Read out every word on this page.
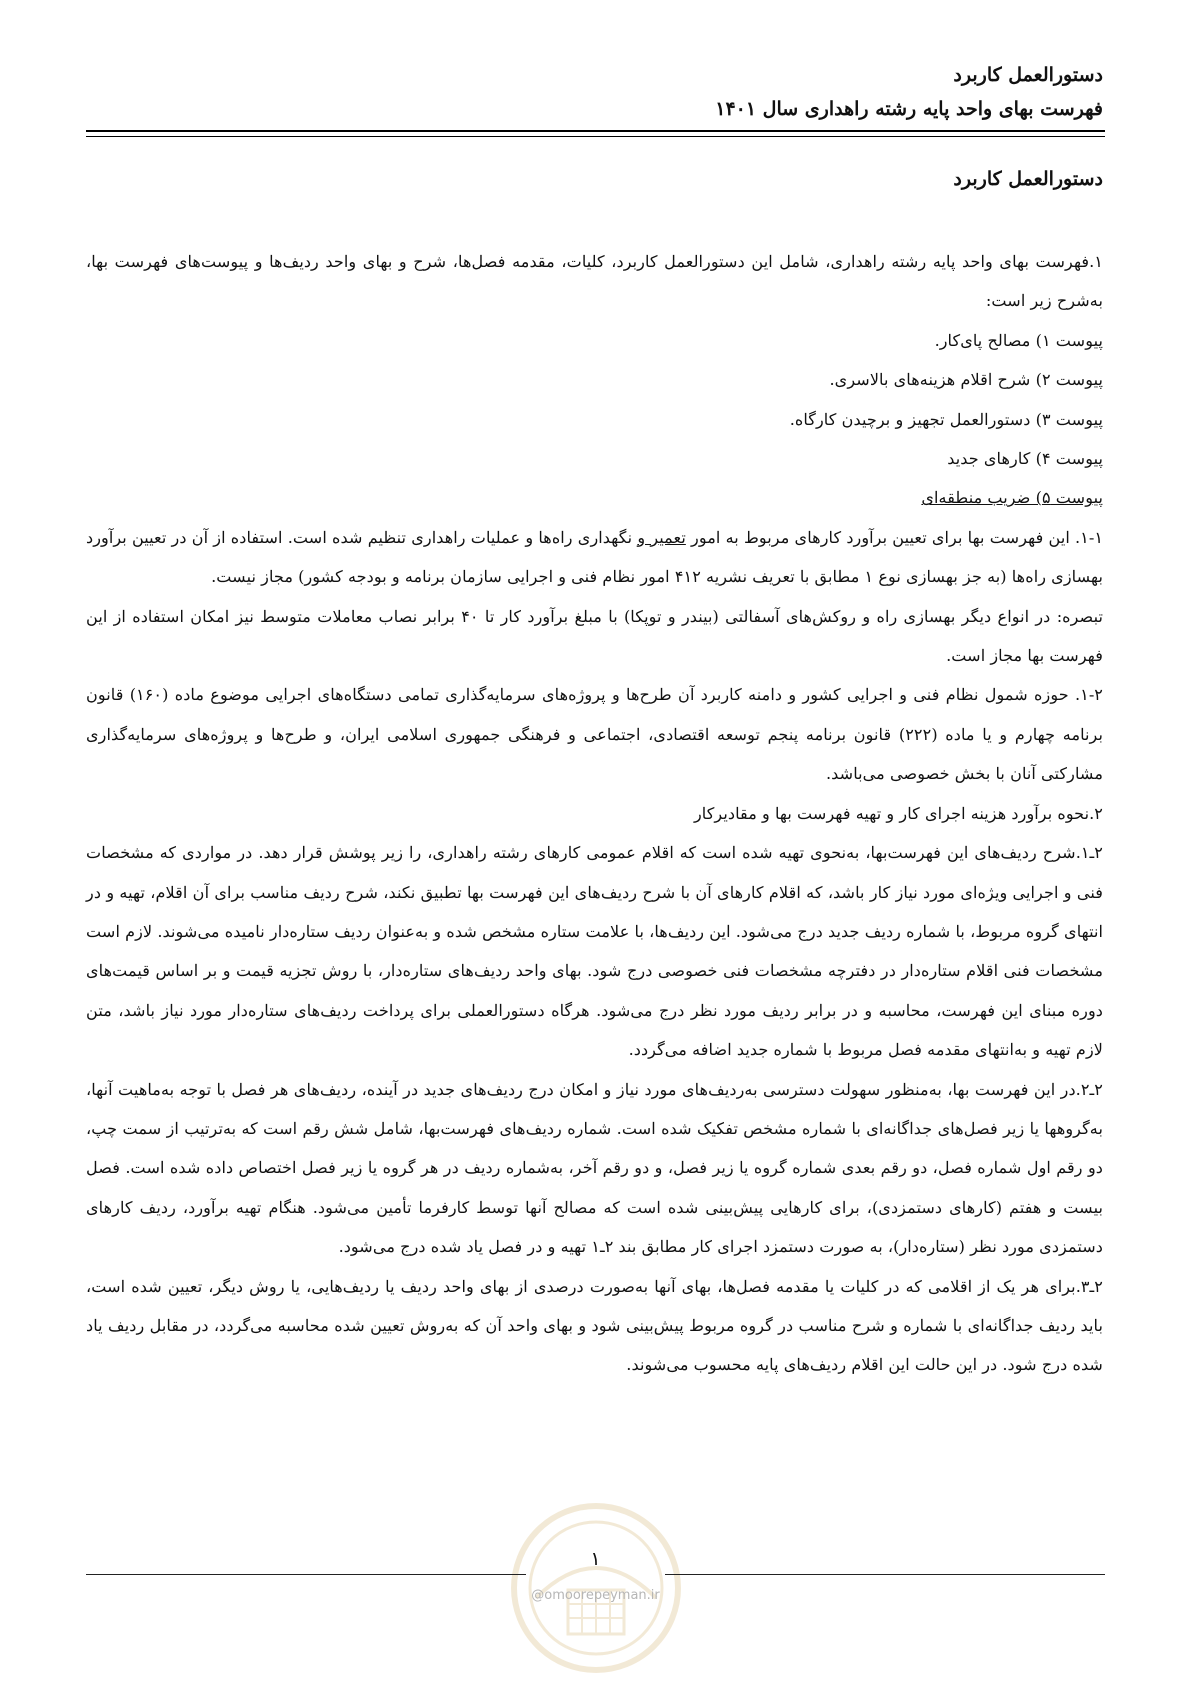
دستورالعمل کاربرد
فهرست بهای واحد پایه رشته راهداری سال ۱۴۰۱
دستورالعمل کاربرد

۱.فهرست بهای واحد پایه رشته راهداری، شامل این دستورالعمل کاربرد، کلیات، مقدمه فصل‌ها، شرح و بهای واحد ردیف‌ها و پیوست‌های فهرست بها، به‌شرح زیر است:

پیوست ۱) مصالح پای‌کار.

پیوست ۲) شرح اقلام هزینه‌های بالاسری.

پیوست ۳) دستورالعمل تجهیز و برچیدن کارگاه.

پیوست ۴) کارهای جدید

پیوست ۵) ضریب منطقه‌ای

۱-۱. این فهرست بها برای تعیین برآورد کارهای مربوط به امور تعمیر و نگهداری راه‌ها و عملیات راهداری تنظیم شده است. استفاده از آن در تعیین برآورد بهسازی راه‌ها (به جز بهسازی نوع ۱ مطابق با تعریف نشریه ۴۱۲ امور نظام فنی و اجرایی سازمان برنامه و بودجه کشور) مجاز نیست.

تبصره: در انواع دیگر بهسازی راه و روکش‌های آسفالتی (بیندر و توپکا) با مبلغ برآورد کار تا ۴۰ برابر نصاب معاملات متوسط نیز امکان استفاده از این فهرست بها مجاز است.

۱-۲. حوزه شمول نظام فنی و اجرایی کشور و دامنه کاربرد آن طرح‌ها و پروژه‌های سرمایه‌گذاری تمامی دستگاه‌های اجرایی موضوع ماده (۱۶۰) قانون برنامه چهارم و یا ماده (۲۲۲) قانون برنامه پنجم توسعه اقتصادی، اجتماعی و فرهنگی جمهوری اسلامی ایران، و طرح‌ها و پروژه‌های سرمایه‌گذاری مشارکتی آنان با بخش خصوصی می‌باشد.

۲.نحوه برآورد هزینه اجرای کار و تهیه فهرست بها و مقادیرکار

۲ـ۱.شرح ردیف‌های این فهرست‌بها، به‌نحوی تهیه شده است که اقلام عمومی کارهای رشته راهداری، را زیر پوشش قرار دهد. در مواردی که مشخصات فنی و اجرایی ویژه‌ای مورد نیاز کار باشد، که اقلام کارهای آن با شرح ردیف‌های این فهرست بها تطبیق نکند، شرح ردیف مناسب برای آن اقلام، تهیه و در انتهای گروه مربوط، با شماره ردیف جدید درج می‌شود. این ردیف‌ها، با علامت ستاره مشخص شده و به‌عنوان ردیف ستاره‌دار نامیده می‌شوند. لازم است مشخصات فنی اقلام ستاره‌دار در دفترچه مشخصات فنی خصوصی درج شود. بهای واحد ردیف‌های ستاره‌دار، با روش تجزیه قیمت و بر اساس قیمت‌های دوره مبنای این فهرست، محاسبه و در برابر ردیف مورد نظر درج می‌شود. هرگاه دستورالعملی برای پرداخت ردیف‌های ستاره‌دار مورد نیاز باشد، متن لازم تهیه و به‌انتهای مقدمه فصل مربوط با شماره جدید اضافه می‌گردد.

۲ـ۲.در این فهرست بها، به‌منظور سهولت دسترسی به‌ردیف‌های مورد نیاز و امکان درج ردیف‌های جدید در آینده، ردیف‌های هر فصل با توجه به‌ماهیت آنها، به‌گروهها یا زیر فصل‌های جداگانه‌ای با شماره مشخص تفکیک شده است. شماره ردیف‌های فهرست‌بها، شامل شش رقم است که به‌ترتیب از سمت چپ، دو رقم اول شماره فصل، دو رقم بعدی شماره گروه یا زیر فصل، و دو رقم آخر، به‌شماره ردیف در هر گروه یا زیر فصل اختصاص داده شده است. فصل بیست و هفتم (کارهای دستمزدی)، برای کارهایی پیش‌بینی شده است که مصالح آنها توسط کارفرما تأمین می‌شود. هنگام تهیه برآورد، ردیف کارهای دستمزدی مورد نظر (ستاره‌دار)، به صورت دستمزد اجرای کار مطابق بند ۲ـ۱ تهیه و در فصل یاد شده درج می‌شود.

۲ـ۳.برای هر یک از اقلامی که در کلیات یا مقدمه فصل‌ها، بهای آنها به‌صورت درصدی از بهای واحد ردیف یا ردیف‌هایی، یا روش دیگر، تعیین شده است، باید ردیف جداگانه‌ای با شماره و شرح مناسب در گروه مربوط پیش‌بینی شود و بهای واحد آن که به‌روش تعیین شده محاسبه می‌گردد، در مقابل ردیف یاد شده درج شود. در این حالت این اقلام ردیف‌های پایه محسوب می‌شوند.

۱
@omoorepeyman.ir
